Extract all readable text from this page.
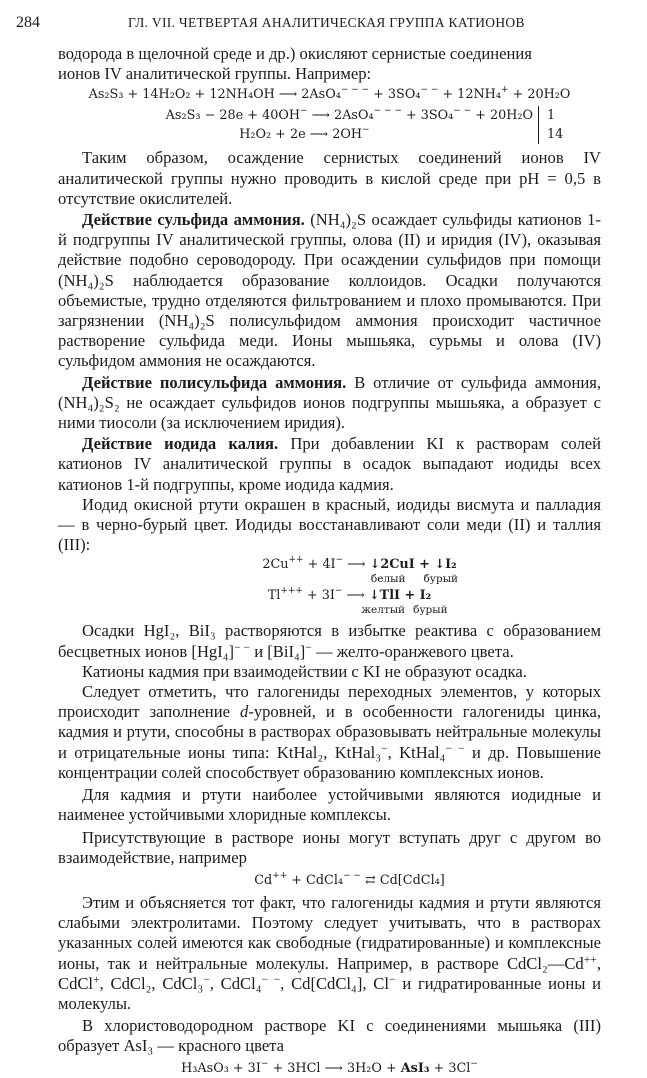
284	ГЛ. VII. ЧЕТВЕРТАЯ АНАЛИТИЧЕСКАЯ ГРУППА КАТИОНОВ

водорода в щелочной среде и др.) окисляют сернистые соединения
ионов IV аналитической группы. Например:

As₂S₃ + 14H₂O₂ + 12NH₄OH ⟶ 2AsO₄− − − + 3SO₄− − + 12NH₄+ + 20H₂O
As₂S₃ − 28e + 40OH− ⟶ 2AsO₄− − − + 3SO₄− − + 20H₂O
H₂O₂ + 2e ⟶ 2OH−
1
14

Таким образом, осаждение сернистых соединений ионов IV аналитической группы нужно проводить в кислой среде при рН = 0,5 в отсутствие окислителей.

Действие сульфида аммония. (NH₄)₂S осаждает сульфиды катионов 1-й подгруппы IV аналитической группы, олова (II) и иридия (IV), оказывая действие подобно сероводороду. При осаждении сульфидов при помощи (NH₄)₂S наблюдается образование коллоидов. Осадки получаются объемистые, трудно отделяются фильтрованием и плохо промываются. При загрязнении (NH₄)₂S полисульфидом аммония происходит частичное растворение сульфида меди. Ионы мышьяка, сурьмы и олова (IV) сульфидом аммония не осаждаются.

Действие полисульфида аммония. В отличие от сульфида аммония, (NH₄)₂S₂ не осаждает сульфидов ионов подгруппы мышьяка, а образует с ними тиосоли (за исключением иридия).

Действие иодида калия. При добавлении KI к растворам солей катионов IV аналитической группы в осадок выпадают иодиды всех катионов 1-й подгруппы, кроме иодида кадмия.

Иодид окисной ртути окрашен в красный, иодиды висмута и палладия — в черно-бурый цвет. Иодиды восстанавливают соли меди (II) и таллия (III):

2Cu++ + 4I− ⟶ ↓2CuI + ↓I₂
белый бурый
Tl+++ + 3I− ⟶ ↓TlI + I₂
желтый бурый

Осадки HgI₂, BiI₃ растворяются в избытке реактива с образованием бесцветных ионов [HgI₄]− − и [BiI₄]− — желто-оранжевого цвета.

Катионы кадмия при взаимодействии с KI не образуют осадка.

Следует отметить, что галогениды переходных элементов, у которых происходит заполнение d-уровней, и в особенности галогениды цинка, кадмия и ртути, способны в растворах образовывать нейтральные молекулы и отрицательные ионы типа: KtHal₂, KtHal₃−, KtHal₄− − и др. Повышение концентрации солей способствует образованию комплексных ионов.

Для кадмия и ртути наиболее устойчивыми являются иодидные и наименее устойчивыми хлоридные комплексы.

Присутствующие в растворе ионы могут вступать друг с другом во взаимодействие, например

Cd++ + CdCl₄− − ⇄ Cd[CdCl₄]

Этим и объясняется тот факт, что галогениды кадмия и ртути являются слабыми электролитами. Поэтому следует учитывать, что в растворах указанных солей имеются как свободные (гидратированные) и комплексные ионы, так и нейтральные молекулы. Например, в растворе CdCl₂—Cd++, CdCl+, CdCl₂, CdCl₃−, CdCl₄− −, Cd[CdCl₄], Cl− и гидратированные ионы и молекулы.

В хлористоводородном растворе KI с соединениями мышьяка (III) образует AsI₃ — красного цвета

H₃AsO₃ + 3I− + 3HCl ⟶ 3H₂O + AsI₃ + 3Cl−
